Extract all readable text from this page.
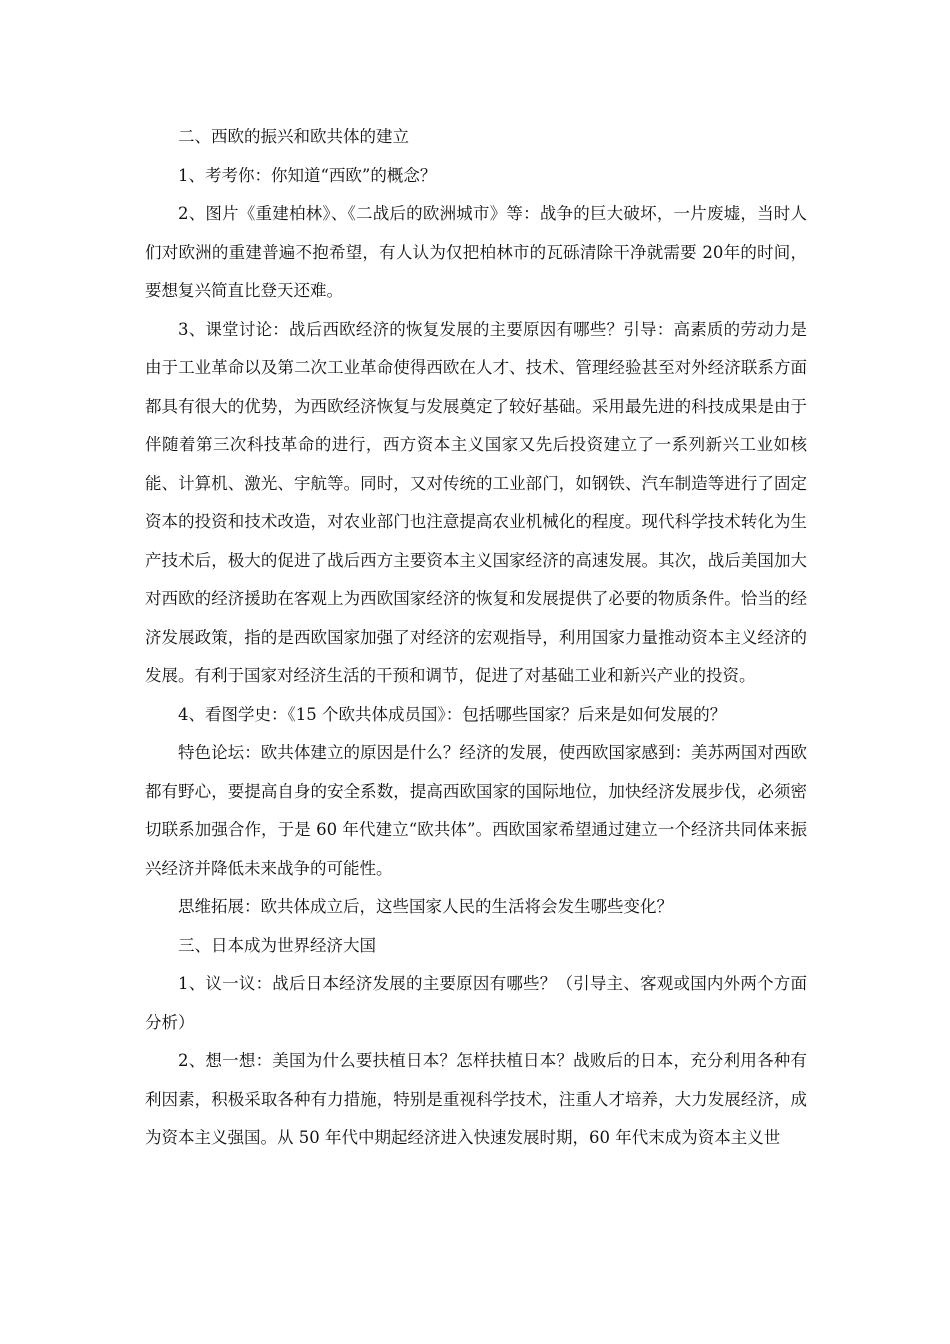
二、西欧的振兴和欧共体的建立

1、考考你：你知道“西欧”的概念？

2、图片《重建柏林》、《二战后的欧洲城市》等：战争的巨大破坏，一片废墟，当时人们对欧洲的重建普遍不抱希望，有人认为仅把柏林市的瓦砾清除干净就需要 20年的时间，要想复兴简直比登天还难。

3、课堂讨论：战后西欧经济的恢复发展的主要原因有哪些？引导：高素质的劳动力是由于工业革命以及第二次工业革命使得西欧在人才、技术、管理经验甚至对外经济联系方面都具有很大的优势，为西欧经济恢复与发展奠定了较好基础。采用最先进的科技成果是由于伴随着第三次科技革命的进行，西方资本主义国家又先后投资建立了一系列新兴工业如核能、计算机、激光、宇航等。同时，又对传统的工业部门，如钢铁、汽车制造等进行了固定资本的投资和技术改造，对农业部门也注意提高农业机械化的程度。现代科学技术转化为生产技术后，极大的促进了战后西方主要资本主义国家经济的高速发展。其次，战后美国加大对西欧的经济援助在客观上为西欧国家经济的恢复和发展提供了必要的物质条件。恰当的经济发展政策，指的是西欧国家加强了对经济的宏观指导，利用国家力量推动资本主义经济的发展。有利于国家对经济生活的干预和调节，促进了对基础工业和新兴产业的投资。

4、看图学史：《15 个欧共体成员国》：包括哪些国家？后来是如何发展的？

特色论坛：欧共体建立的原因是什么？经济的发展，使西欧国家感到：美苏两国对西欧都有野心，要提高自身的安全系数，提高西欧国家的国际地位，加快经济发展步伐，必须密切联系加强合作，于是 60 年代建立“欧共体”。西欧国家希望通过建立一个经济共同体来振兴经济并降低未来战争的可能性。

思维拓展：欧共体成立后，这些国家人民的生活将会发生哪些变化？

三、日本成为世界经济大国

1、议一议：战后日本经济发展的主要原因有哪些？（引导主、客观或国内外两个方面分析）

2、想一想：美国为什么要扶植日本？怎样扶植日本？战败后的日本，充分利用各种有利因素，积极采取各种有力措施，特别是重视科学技术，注重人才培养，大力发展经济，成为资本主义强国。从 50 年代中期起经济进入快速发展时期，60 年代末成为资本主义世
